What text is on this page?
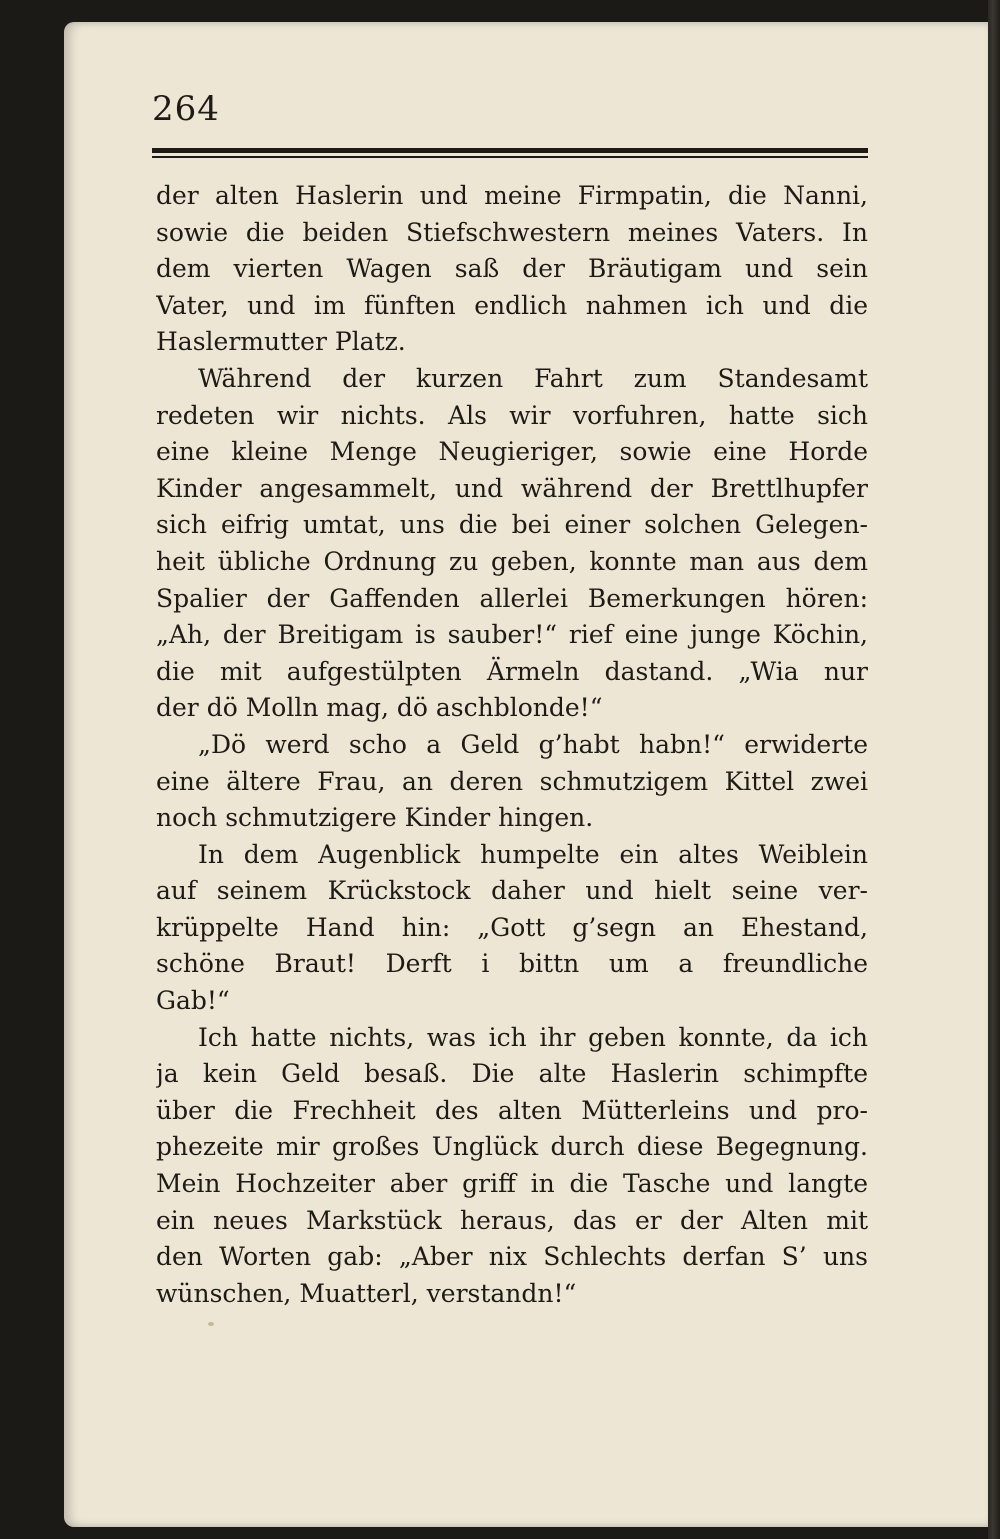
264

der alten Haslerin und meine Firmpatin, die Nanni,
sowie die beiden Stiefschwestern meines Vaters. In
dem vierten Wagen saß der Bräutigam und sein
Vater, und im fünften endlich nahmen ich und die
Haslermutter Platz.
Während der kurzen Fahrt zum Standesamt
redeten wir nichts. Als wir vorfuhren, hatte sich
eine kleine Menge Neugieriger, sowie eine Horde
Kinder angesammelt, und während der Brettlhupfer
sich eifrig umtat, uns die bei einer solchen Gelegen-
heit übliche Ordnung zu geben, konnte man aus dem
Spalier der Gaffenden allerlei Bemerkungen hören:
„Ah, der Breitigam is sauber!“ rief eine junge Köchin,
die mit aufgestülpten Ärmeln dastand. „Wia nur
der dö Molln mag, dö aschblonde!“
„Dö werd scho a Geld g’habt habn!“ erwiderte
eine ältere Frau, an deren schmutzigem Kittel zwei
noch schmutzigere Kinder hingen.
In dem Augenblick humpelte ein altes Weiblein
auf seinem Krückstock daher und hielt seine ver-
krüppelte Hand hin: „Gott g’segn an Ehestand,
schöne Braut! Derft i bittn um a freundliche
Gab!“
Ich hatte nichts, was ich ihr geben konnte, da ich
ja kein Geld besaß. Die alte Haslerin schimpfte
über die Frechheit des alten Mütterleins und pro-
phezeite mir großes Unglück durch diese Begegnung.
Mein Hochzeiter aber griff in die Tasche und langte
ein neues Markstück heraus, das er der Alten mit
den Worten gab: „Aber nix Schlechts derfan S’ uns
wünschen, Muatterl, verstandn!“
